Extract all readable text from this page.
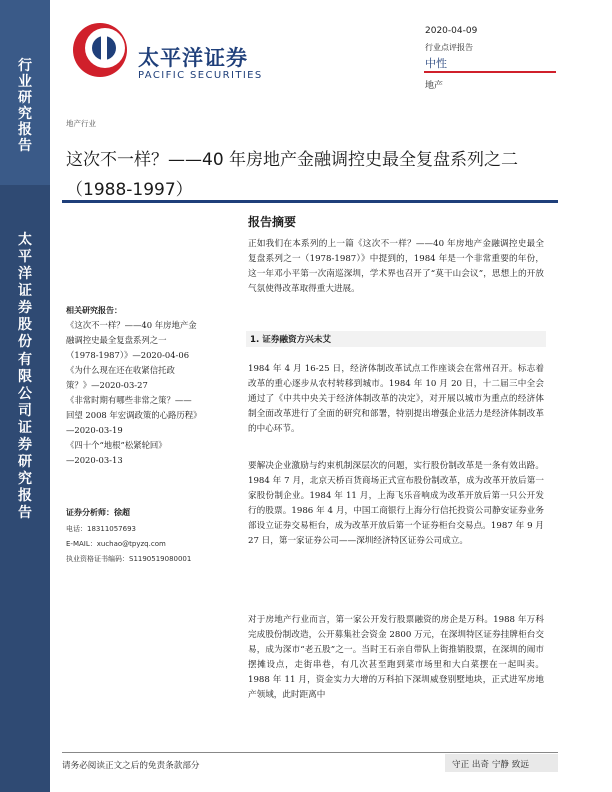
行
业
研
究
报
告
太
平
洋
证
券
股
份
有
限
公
司
证
券
研
究
报
告
太平洋证券
PACIFIC SECURITIES
2020-04-09
行业点评报告
中性
地产
地产行业
这次不一样？——40 年房地产金融调控史最全复盘系列之二
（1988-1997）
相关研究报告：
《这次不一样？——40 年房地产金
融调控史最全复盘系列之一
（1978-1987）》—2020-04-06
《为什么现在还在收紧信托政
策？》—2020-03-27
《非常时期有哪些非常之策？——
回望 2008 年宏调政策的心路历程》
—2020-03-19
《四十个“地根”松紧轮回》
—2020-03-13
证券分析师：徐超
电话：18311057693
E-MAIL：xuchao@tpyzq.com
执业资格证书编码：S1190519080001
报告摘要
正如我们在本系列的上一篇《这次不一样？——40 年房地产金融调控史最全复盘系列之一（1978-1987）》中提到的，1984 年是一个非常重要的年份，这一年邓小平第一次南巡深圳，学术界也召开了“莫干山会议”，思想上的开放气氛使得改革取得重大进展。
1. 证券融资方兴未艾
1984 年 4 月 16-25 日，经济体制改革试点工作座谈会在常州召开。标志着改革的重心逐步从农村转移到城市。1984 年 10 月 20 日，十二届三中全会通过了《中共中央关于经济体制改革的决定》，对开展以城市为重点的经济体制全面改革进行了全面的研究和部署，特别提出增强企业活力是经济体制改革的中心环节。
要解决企业激励与约束机制深层次的问题，实行股份制改革是一条有效出路。1984 年 7 月，北京天桥百货商场正式宣布股份制改革，成为改革开放后第一家股份制企业。1984 年 11 月，上海飞乐音响成为改革开放后第一只公开发行的股票。1986 年 4 月，中国工商银行上海分行信托投资公司静安证券业务部设立证券交易柜台，成为改革开放后第一个证券柜台交易点。1987 年 9 月 27 日，第一家证券公司——深圳经济特区证券公司成立。
对于房地产行业而言，第一家公开发行股票融资的房企是万科。1988 年万科完成股份制改造，公开募集社会资金 2800 万元，在深圳特区证券挂牌柜台交易，成为深市“老五股”之一。当时王石亲自带队上街推销股票，在深圳的闹市摆摊设点，走街串巷，有几次甚至跑到菜市场里和大白菜摆在一起叫卖。1988 年 11 月，资金实力大增的万科拍下深圳威登别墅地块，正式进军房地产领域，此时距离中
请务必阅读正文之后的免责条款部分	守正 出奇 宁静 致远
